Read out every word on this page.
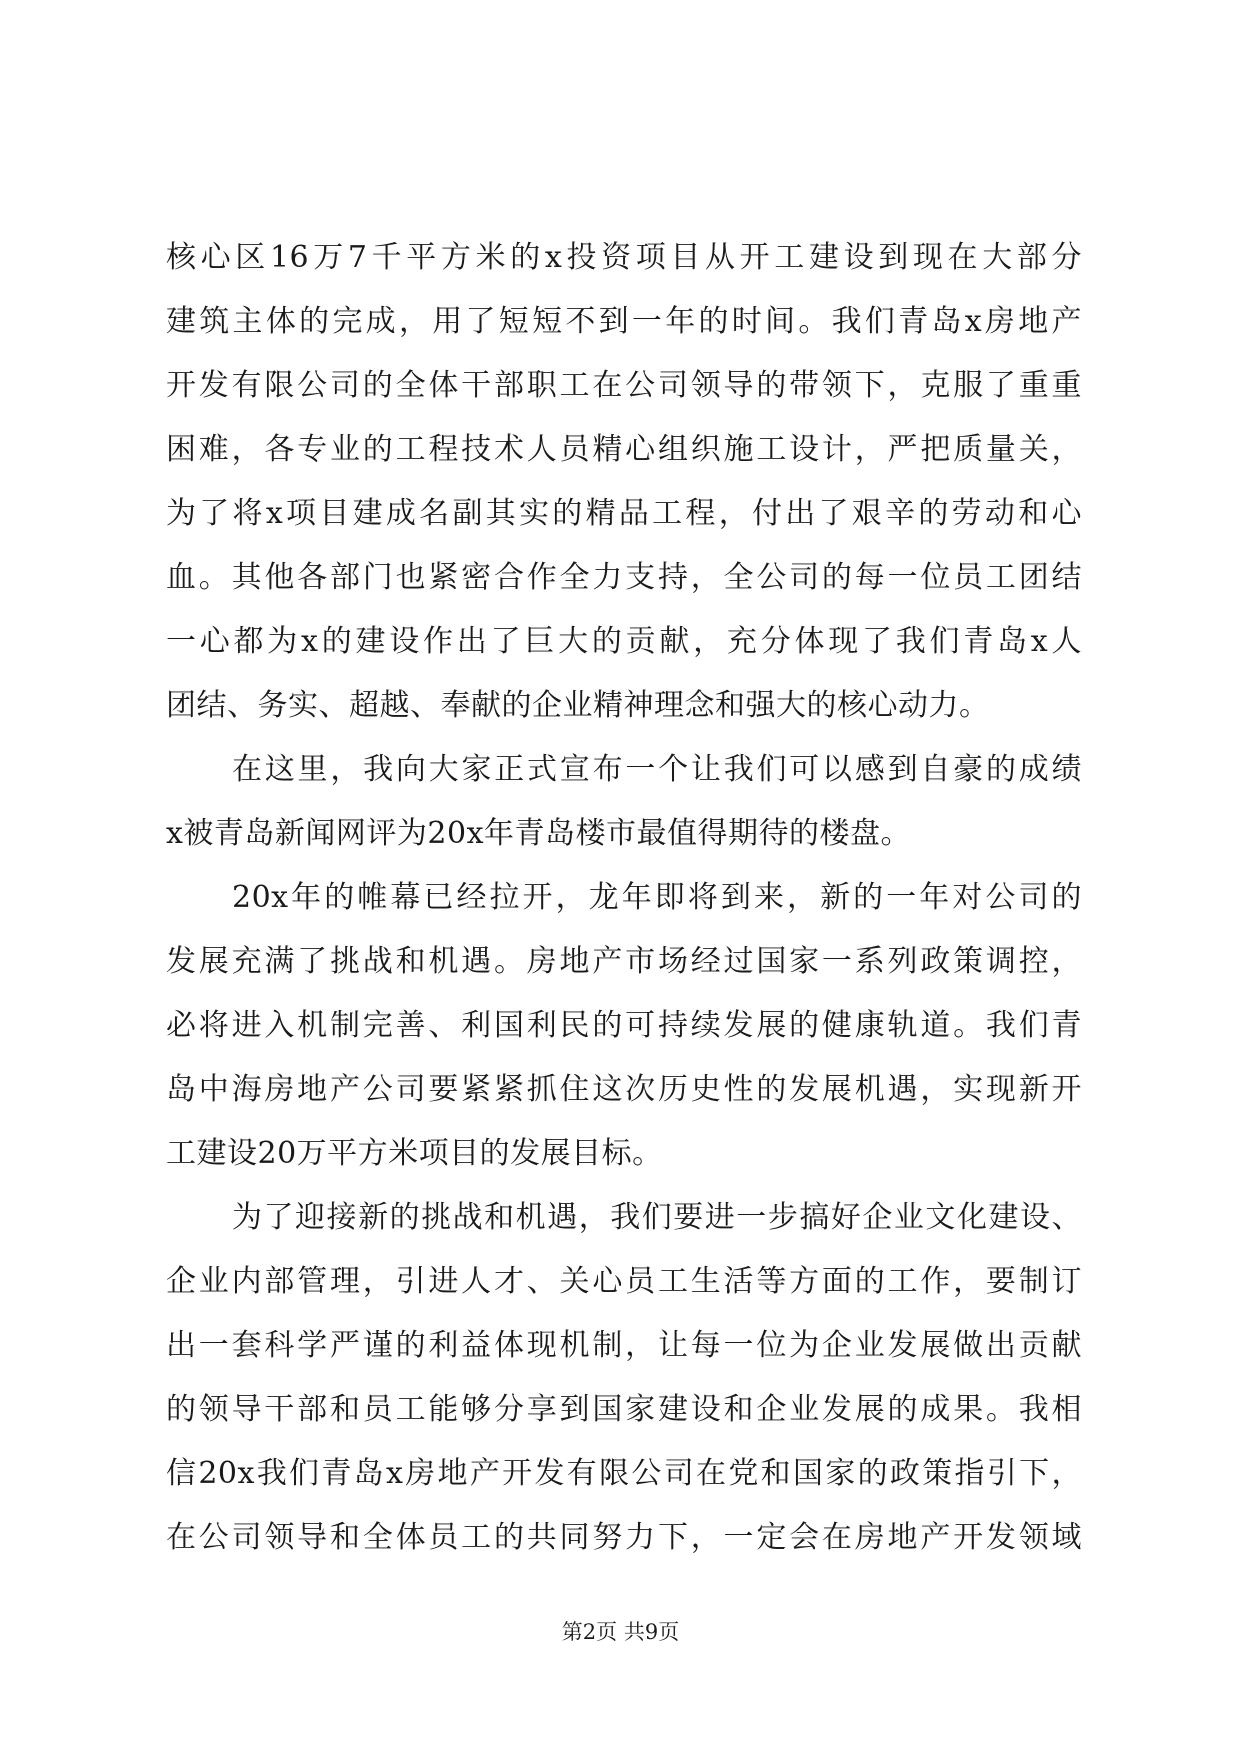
核心区16万7千平方米的x投资项目从开工建设到现在大部分
建筑主体的完成，用了短短不到一年的时间。我们青岛x房地产
开发有限公司的全体干部职工在公司领导的带领下，克服了重重
困难，各专业的工程技术人员精心组织施工设计，严把质量关，
为了将x项目建成名副其实的精品工程，付出了艰辛的劳动和心
血。其他各部门也紧密合作全力支持，全公司的每一位员工团结
一心都为x的建设作出了巨大的贡献，充分体现了我们青岛x人
团结、务实、超越、奉献的企业精神理念和强大的核心动力。
在这里，我向大家正式宣布一个让我们可以感到自豪的成绩
x被青岛新闻网评为20x年青岛楼市最值得期待的楼盘。
20x年的帷幕已经拉开，龙年即将到来，新的一年对公司的
发展充满了挑战和机遇。房地产市场经过国家一系列政策调控，
必将进入机制完善、利国利民的可持续发展的健康轨道。我们青
岛中海房地产公司要紧紧抓住这次历史性的发展机遇，实现新开
工建设20万平方米项目的发展目标。
为了迎接新的挑战和机遇，我们要进一步搞好企业文化建设、
企业内部管理，引进人才、关心员工生活等方面的工作，要制订
出一套科学严谨的利益体现机制，让每一位为企业发展做出贡献
的领导干部和员工能够分享到国家建设和企业发展的成果。我相
信20x我们青岛x房地产开发有限公司在党和国家的政策指引下，
在公司领导和全体员工的共同努力下，一定会在房地产开发领域
第2页 共9页
